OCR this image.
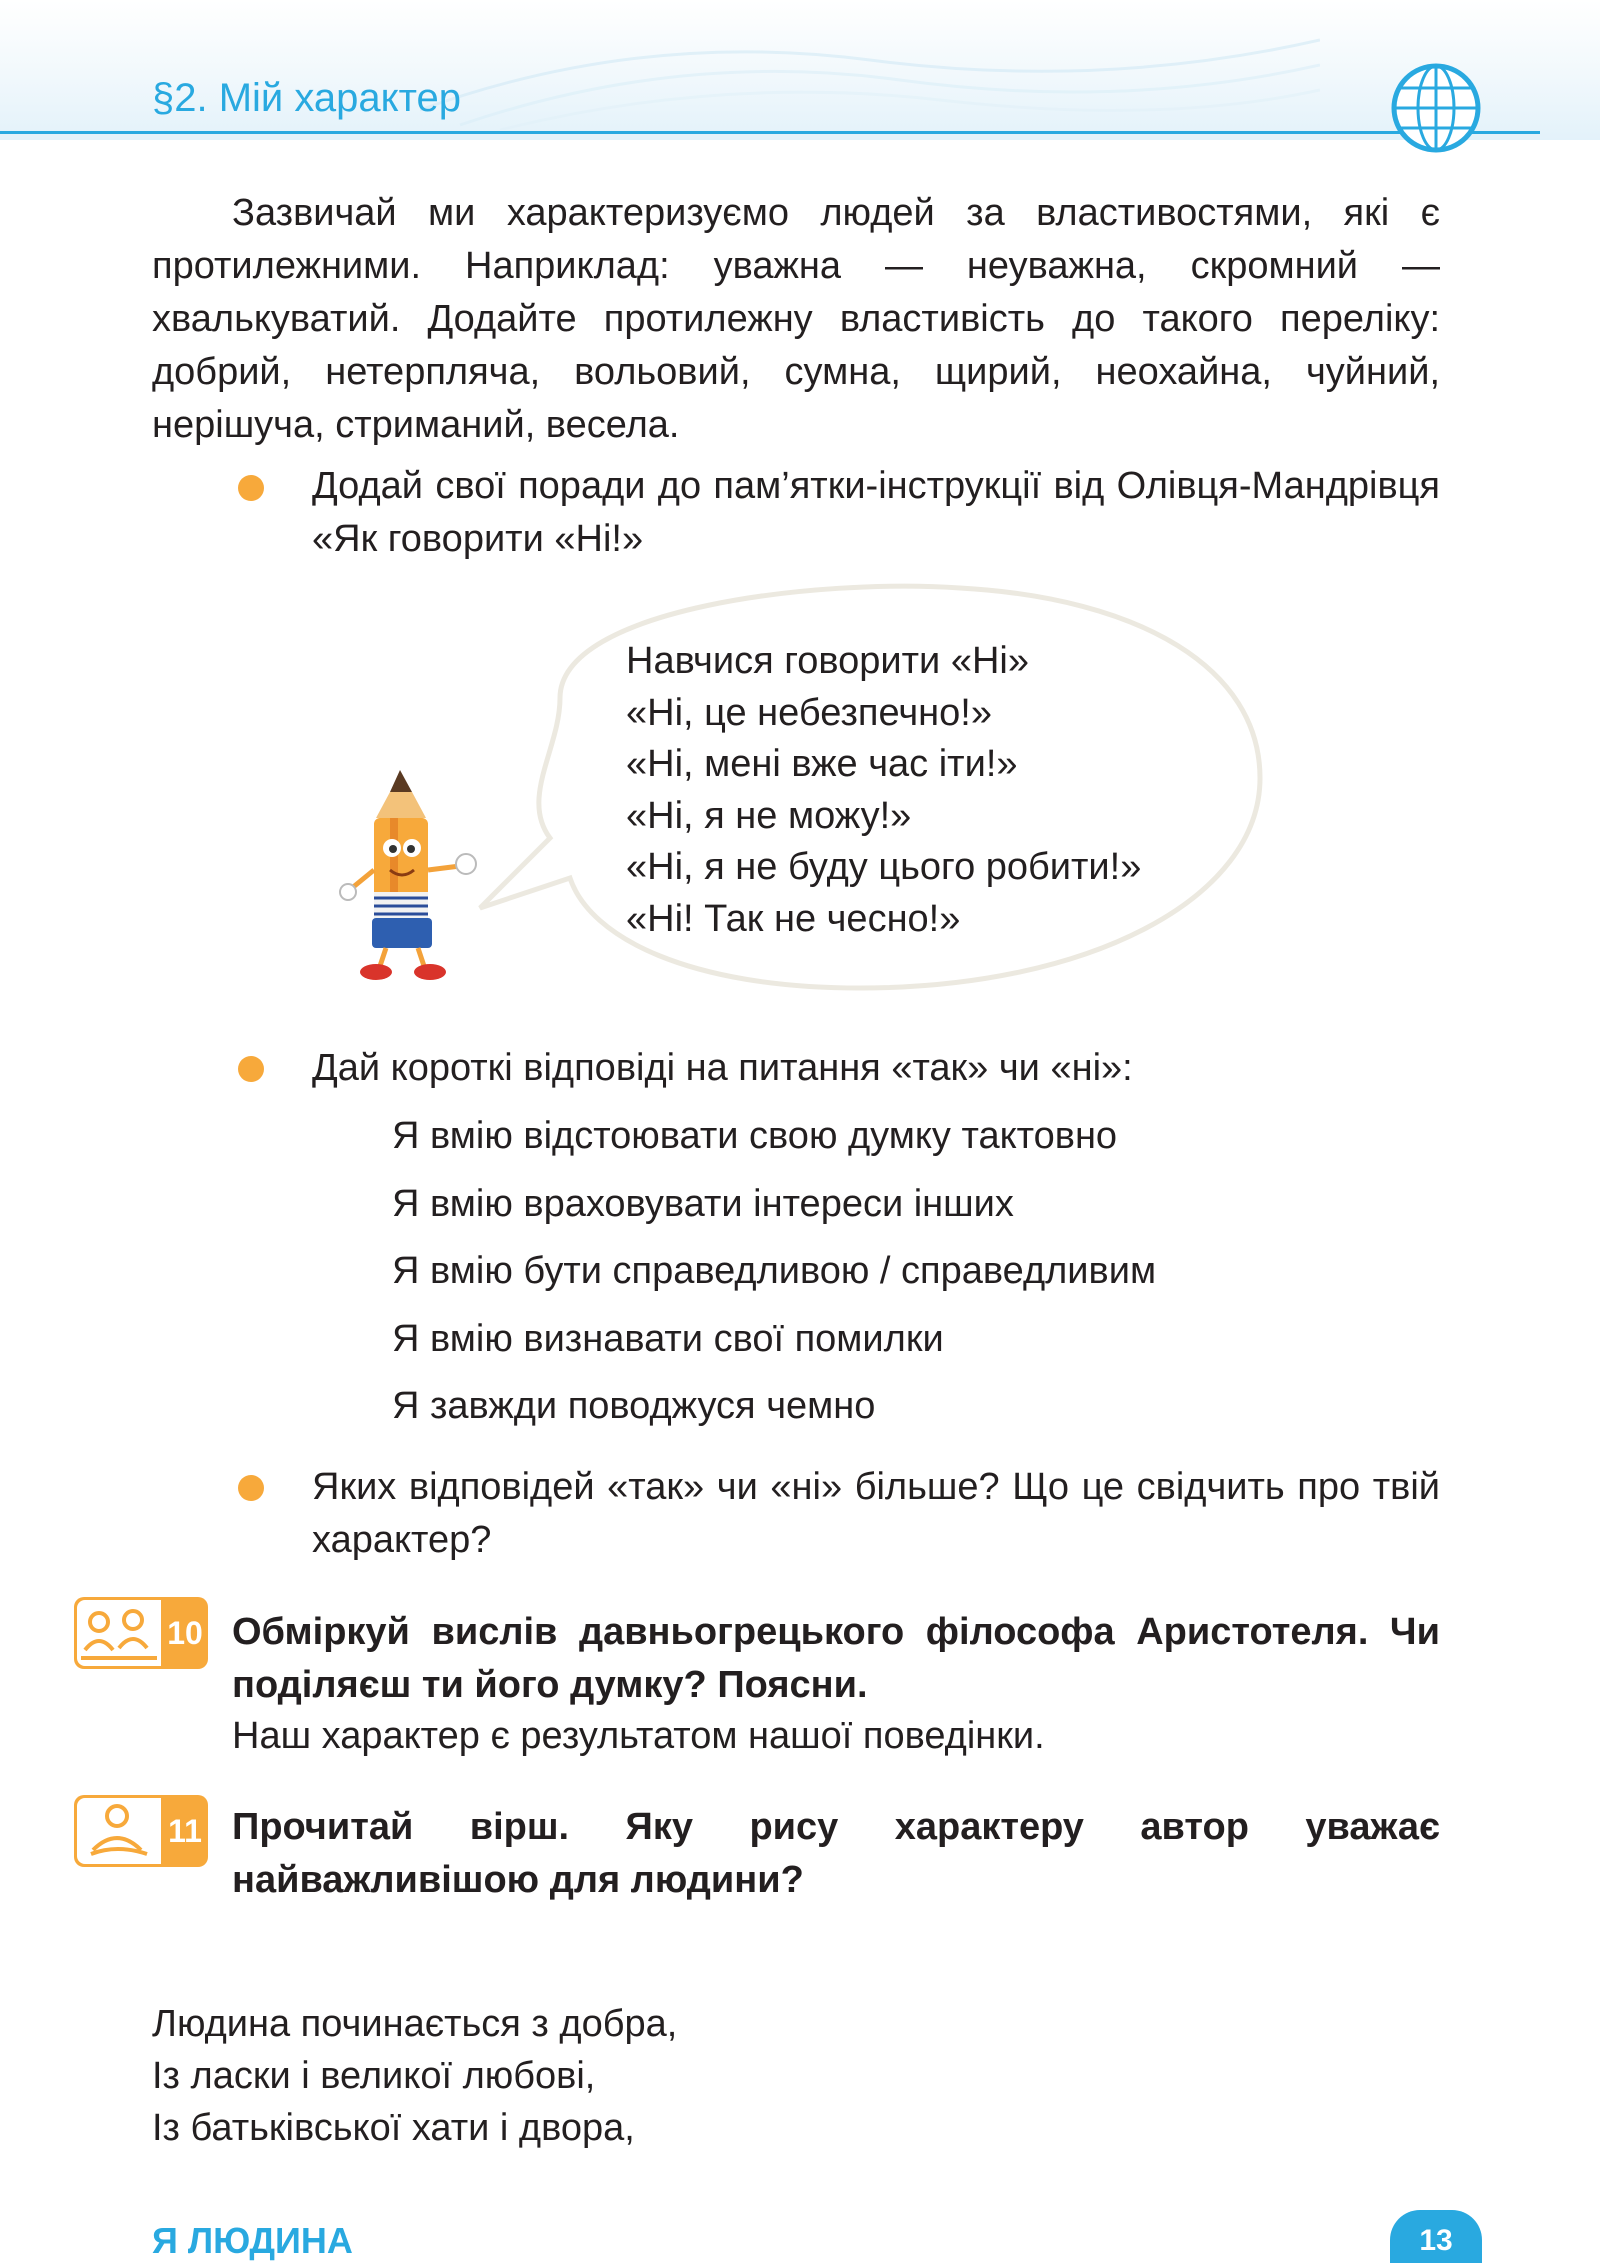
§2. Мій характер

Зазвичай ми характеризуємо людей за властивостями, які є протилежними. Наприклад: уважна — неуважна, скромний — хвалькуватий. Додайте протилежну властивість до такого переліку: добрий, нетерпляча, вольовий, сумна, щирий, неохайна, чуйний, нерішуча, стриманий, весела.

Додай свої поради до пам’ятки-інструкції від Олівця-Мандрівця «Як говорити «Ні!»

Навчися говорити «Ні»
«Ні, це небезпечно!»
«Ні, мені вже час іти!»
«Ні, я не можу!»
«Ні, я не буду цього робити!»
«Ні! Так не чесно!»

Дай короткі відповіді на питання «так» чи «ні»:

Я вмію відстоювати свою думку тактовно
Я вмію враховувати інтереси інших
Я вмію бути справедливою / справедливим
Я вмію визнавати свої помилки
Я завжди поводжуся чемно

Яких відповідей «так» чи «ні» більше? Що це свідчить про твій характер?

10 Обміркуй вислів давньогрецького філософа Аристотеля. Чи поділяєш ти його думку? Поясни.

Наш характер є результатом нашої поведінки.

11 Прочитай вірш. Яку рису характеру автор уважає найважливішою для людини?

Людина починається з добра,
Із ласки і великої любові,
Із батьківської хати і двора,
Я ЛЮДИНА	13
